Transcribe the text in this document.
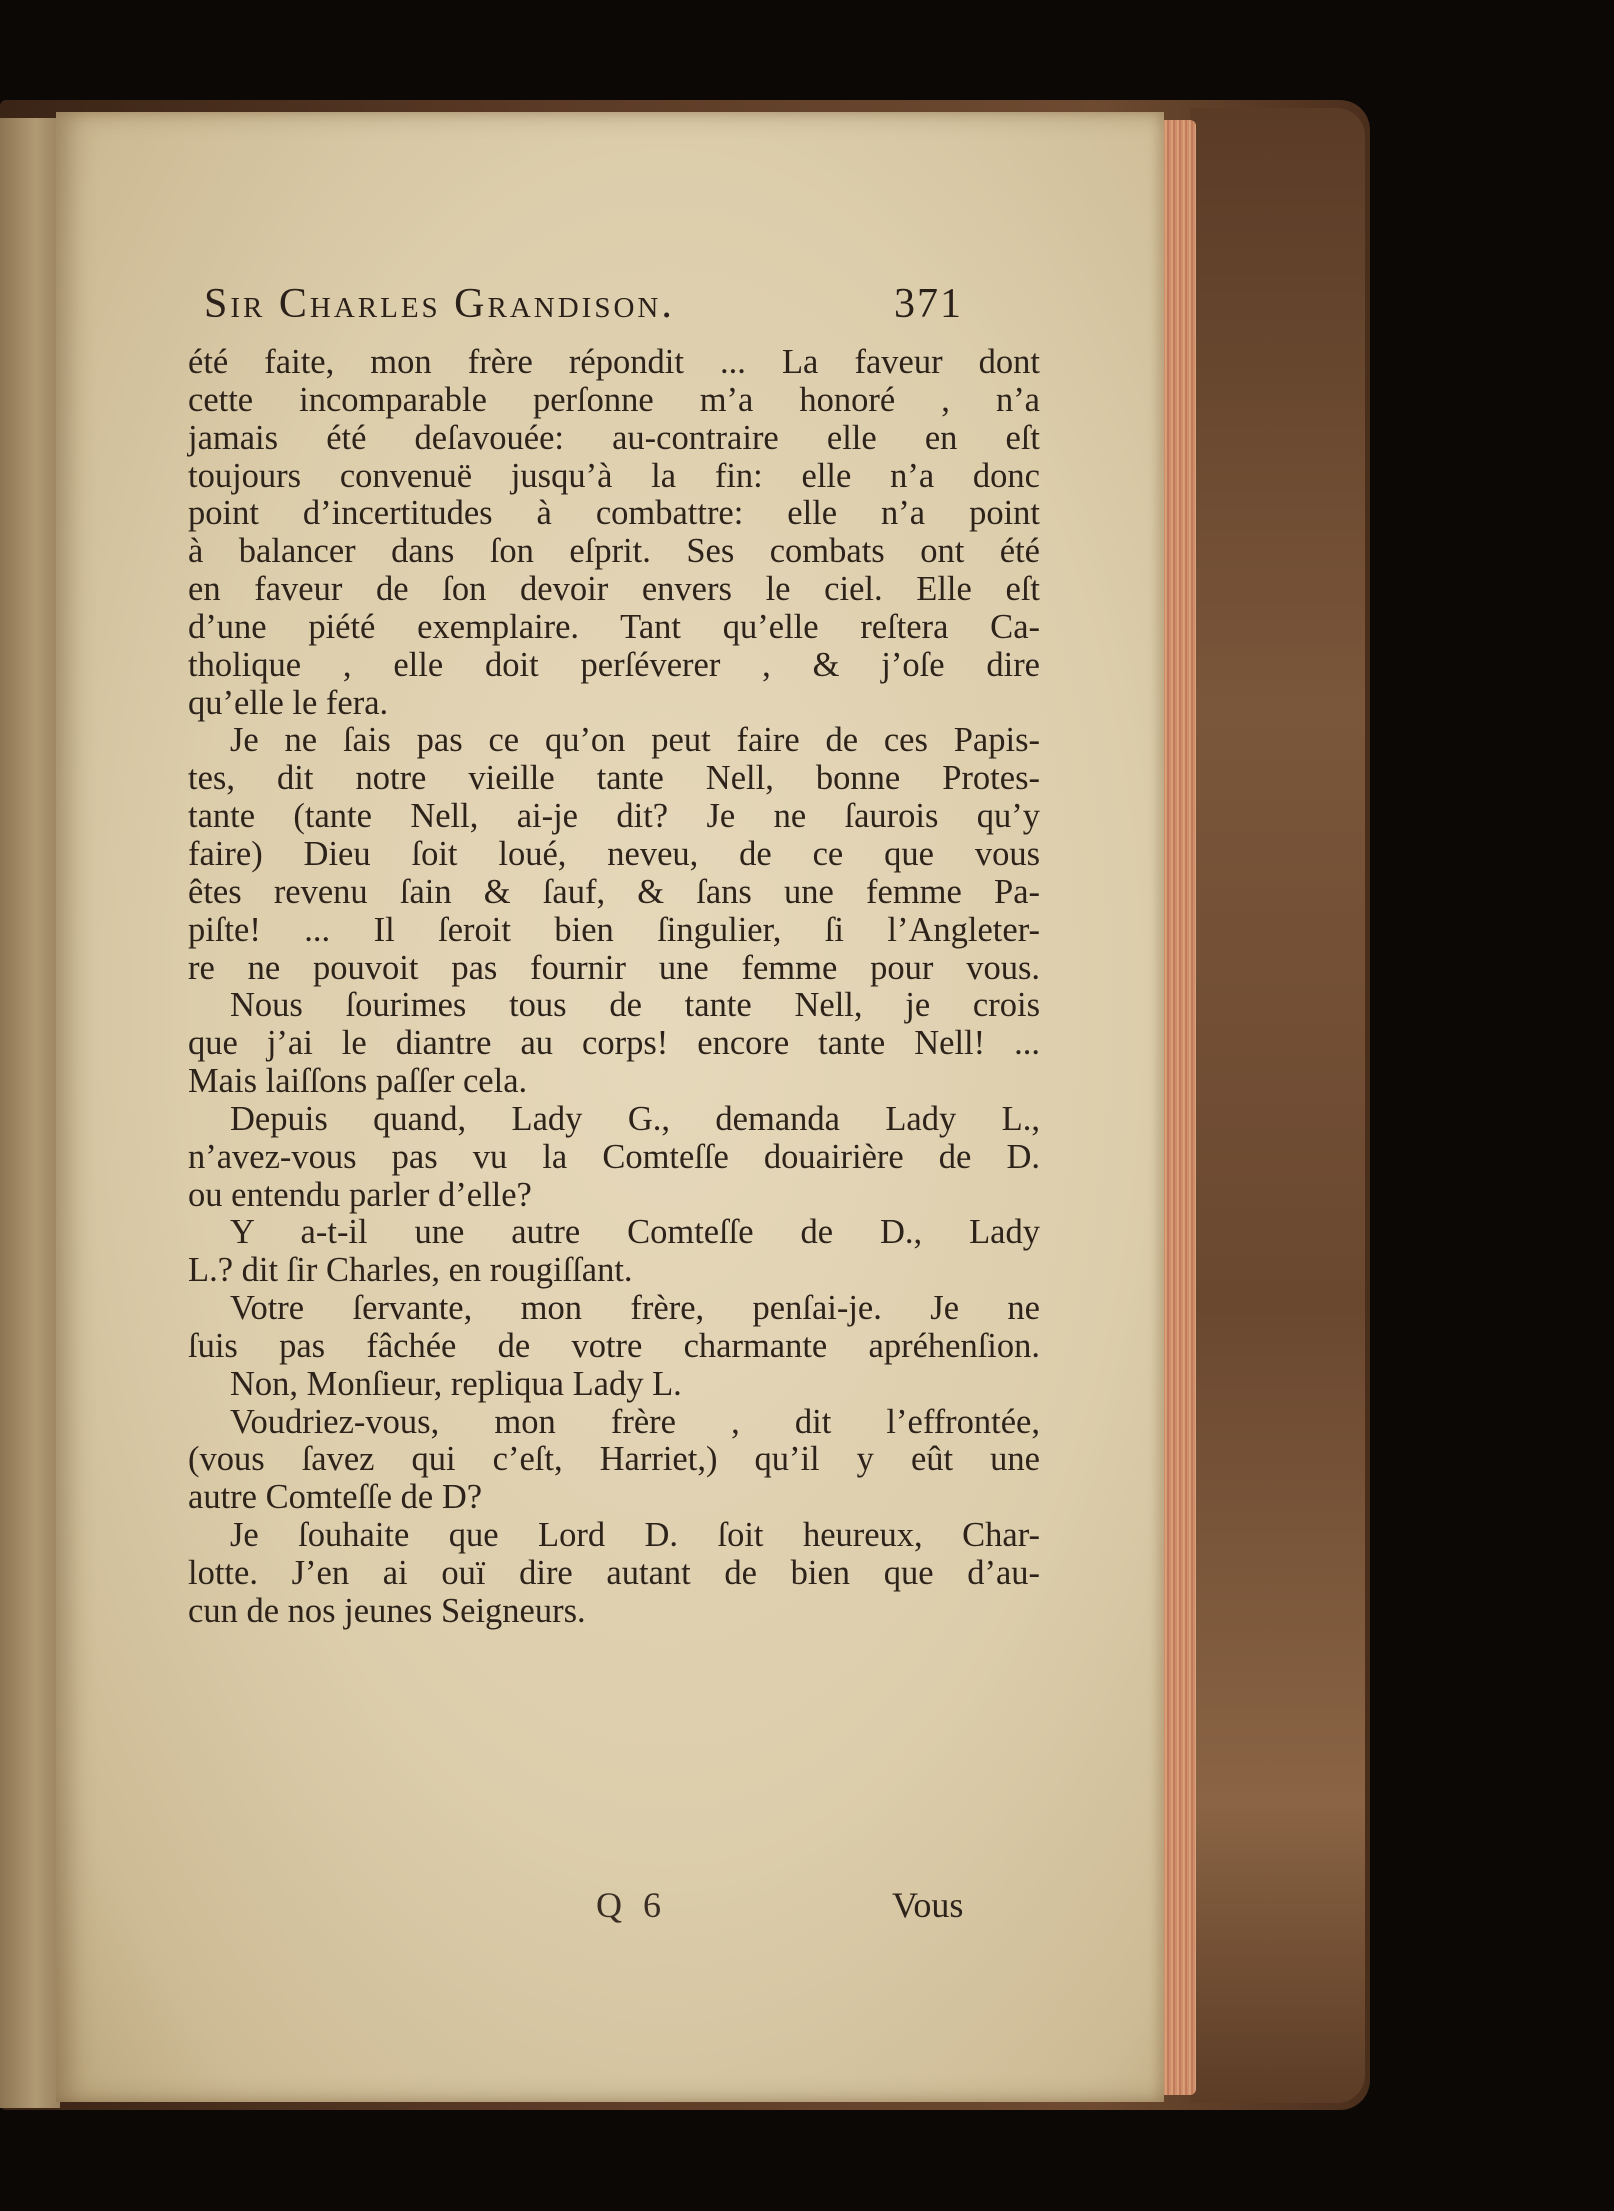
Sir Charles Grandison.	371
été faite, mon frère répondit ... La faveur dont
cette incomparable perſonne m’a honoré , n’a
jamais été deſavouée: au-contraire elle en eſt
toujours convenuë jusqu’à la fin: elle n’a donc
point d’incertitudes à combattre: elle n’a point
à balancer dans ſon eſprit. Ses combats ont été
en faveur de ſon devoir envers le ciel. Elle eſt
d’une piété exemplaire. Tant qu’elle reſtera Ca-
tholique , elle doit perſéverer , & j’oſe dire
qu’elle le fera.
Je ne ſais pas ce qu’on peut faire de ces Papis-
tes, dit notre vieille tante Nell, bonne Protes-
tante (tante Nell, ai-je dit? Je ne ſaurois qu’y
faire) Dieu ſoit loué, neveu, de ce que vous
êtes revenu ſain & ſauf, & ſans une femme Pa-
piſte! ... Il ſeroit bien ſingulier, ſi l’Angleter-
re ne pouvoit pas fournir une femme pour vous.
Nous ſourimes tous de tante Nell, je crois
que j’ai le diantre au corps! encore tante Nell! ...
Mais laiſſons paſſer cela.
Depuis quand, Lady G., demanda Lady L.,
n’avez-vous pas vu la Comteſſe douairière de D.
ou entendu parler d’elle?
Y a-t-il une autre Comteſſe de D., Lady
L.? dit ſir Charles, en rougiſſant.
Votre ſervante, mon frère, penſai-je. Je ne
ſuis pas fâchée de votre charmante apréhenſion.
Non, Monſieur, repliqua Lady L.
Voudriez-vous, mon frère , dit l’effrontée,
(vous ſavez qui c’eſt, Harriet,) qu’il y eût une
autre Comteſſe de D?
Je ſouhaite que Lord D. ſoit heureux, Char-
lotte. J’en ai ouï dire autant de bien que d’au-
cun de nos jeunes Seigneurs.
Q 6	Vous
